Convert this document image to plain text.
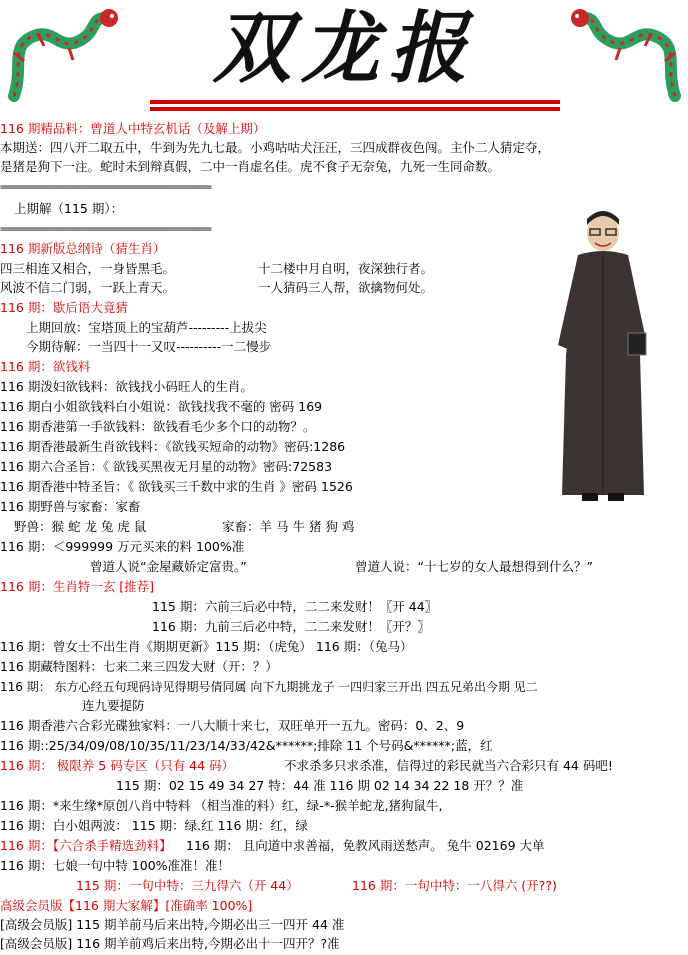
双龙报
116 期精品料：曾道人中特玄机话（及解上期）
本期送：四八开二取五中，牛到为先九七最。小鸡咕咕犬汪汪，三四成群夜色闯。主仆二人猜定夺，
是猪是狗下一注。蛇时未到辩真假，二中一肖虚名佳。虎不食子无奈兔，九死一生同命数。
==========================================
上期解（115 期）：
==========================================
116 期新版总纲诗（猜生肖）
四三相连又相合，一身皆黑毛。	十二楼中月自明，夜深独行者。
风波不信二门弱，一跃上青天。	一人猜码三人帮，欲擒物何处。
116 期：歇后语大竟猜
上期回放：宝塔顶上的宝葫芦---------上拔尖
今期待解：一当四十一又叹----------一二慢步
116 期：欲钱料
116 期泼妇欲钱料：欲钱找小码旺人的生肖。
116 期白小姐欲钱料白小姐说：欲钱找我不毫的 密码 169
116 期香港第一手欲钱料：欲钱看毛少多个口的动物？。
116 期香港最新生肖欲钱料：《欲钱买短命的动物》密码:1286
116 期六合圣旨：《 欲钱买黑夜无月星的动物》密码:72583
116 期香港中特圣旨：《 欲钱买三千数中求的生肖 》密码 1526
116 期野兽与家畜：家畜
野兽：猴 蛇 龙 兔 虎 鼠	家畜：羊 马 牛 猪 狗 鸡
116 期：＜999999 万元买来的料 100%准
曾道人说“金屋藏娇定富贵。”	曾道人说：“十七岁的女人最想得到什么？”
116 期：生肖特一玄 [推荐]
115 期：六前三后必中特，二二来发财！〖开 44〗
116 期：九前三后必中特，二二来发财！〖开？〗
116 期：曾女士不出生肖《期期更新》115 期：（虎兔） 116 期：（兔马）
116 期藏特图料：七来二来三四发大财（开：？）
116 期： 东方心经五句现码诗见得期号倩同属 向下九期挑龙子 一四归家三开出 四五兄弟出今期 见二
连九要提防
116 期香港六合彩光碟独家料：一八大顺十来七，双旺单开一五九。密码：0、2、9
116 期::25/34/09/08/10/35/11/23/14/33/42&******;排除 11 个号码&******;蓝，红
116 期： 极限养 5 码专区（只有 44 码）	不求杀多只求杀准，信得过的彩民就当六合彩只有 44 码吧!
115 期：02 15 49 34 27 特：44 准 116 期 02 14 34 22 18 开？？准
116 期：*来生缘*原创八肖中特料 （相当准的料）红，绿-*-猴羊蛇龙,猪狗鼠牛,
116 期：白小姐两波： 115 期：绿.红 116 期：红，绿
116 期：【六合杀手精选劲料】 116 期： 且向道中求善福，免教风雨送愁声。 兔牛 02169 大单
116 期：七娘一句中特 100%准准！准！
115 期：一句中特：三九得六（开 44）	116 期：一句中特：一八得六 (开??)
高级会员版【116 期大家解】[准确率 100%]
[高级会员版] 115 期羊前马后来出特,今期必出三一四开 44 准
[高级会员版] 116 期羊前鸡后来出特,今期必出十一四开？?准
